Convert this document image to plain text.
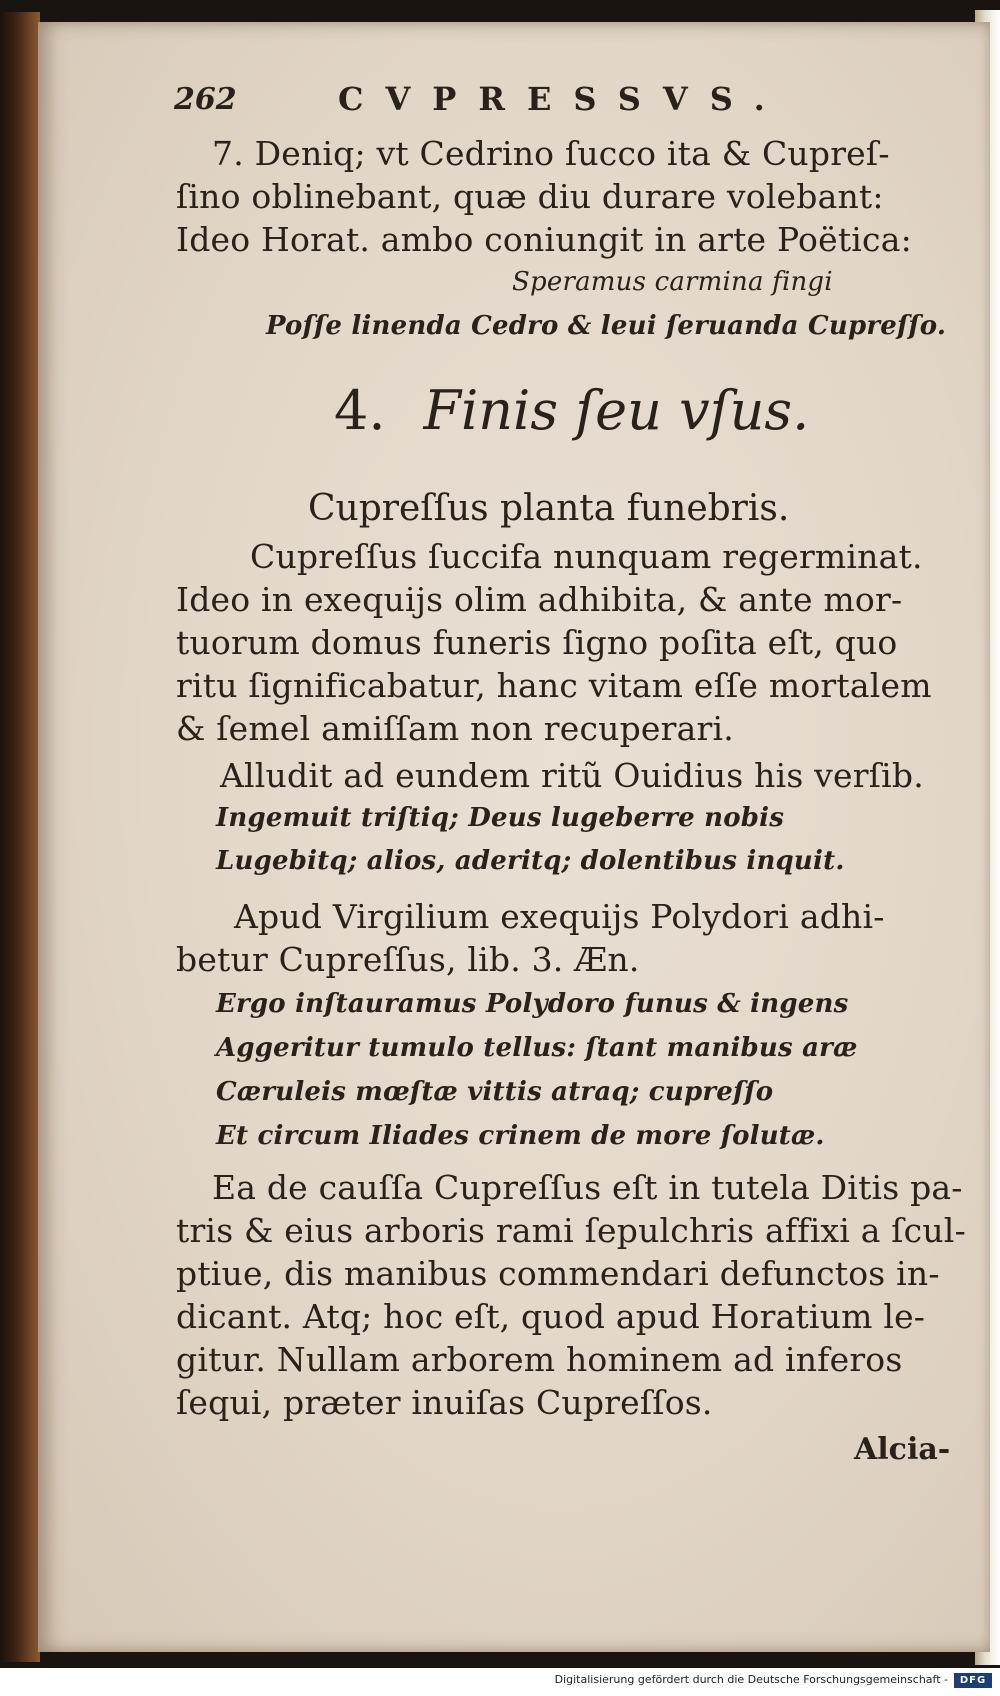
262	CVPRESSVS.
7. Deniq; vt Cedrino ſucco ita & Cupreſ-
ſino oblinebant, quæ diu durare volebant:
Ideo Horat. ambo coniungit in arte Poëtica:
Speramus carmina fingi
Poſſe linenda Cedro & leui ſeruanda Cupreſſo.
4. Finis ſeu vſus.
Cupreſſus planta funebris.
Cupreſſus ſuccifa nunquam regerminat.
Ideo in exequijs olim adhibita, & ante mor-
tuorum domus funeris ſigno poſita eſt, quo
ritu ſignificabatur, hanc vitam eſſe mortalem
& ſemel amiſſam non recuperari.
Alludit ad eundem ritũ Ouidius his verſib.
Ingemuit triſtiq; Deus lugeberre nobis
Lugebitq; alios, aderitq; dolentibus inquit.
Apud Virgilium exequijs Polydori adhi-
betur Cupreſſus, lib. 3. Æn.
Ergo inſtauramus Polydoro funus & ingens
Aggeritur tumulo tellus: ſtant manibus aræ
Cæruleis mœſtæ vittis atraq; cupreſſo
Et circum Iliades crinem de more ſolutæ.
Ea de cauſſa Cupreſſus eſt in tutela Ditis pa-
tris & eius arboris rami ſepulchris affixi a ſcul-
ptiue, dis manibus commendari defunctos in-
dicant. Atq; hoc eſt, quod apud Horatium le-
gitur. Nullam arborem hominem ad inferos
ſequi, præter inuiſas Cupreſſos.
Alcia-
Digitalisierung gefördert durch die Deutsche Forschungsgemeinschaft -	DFG
